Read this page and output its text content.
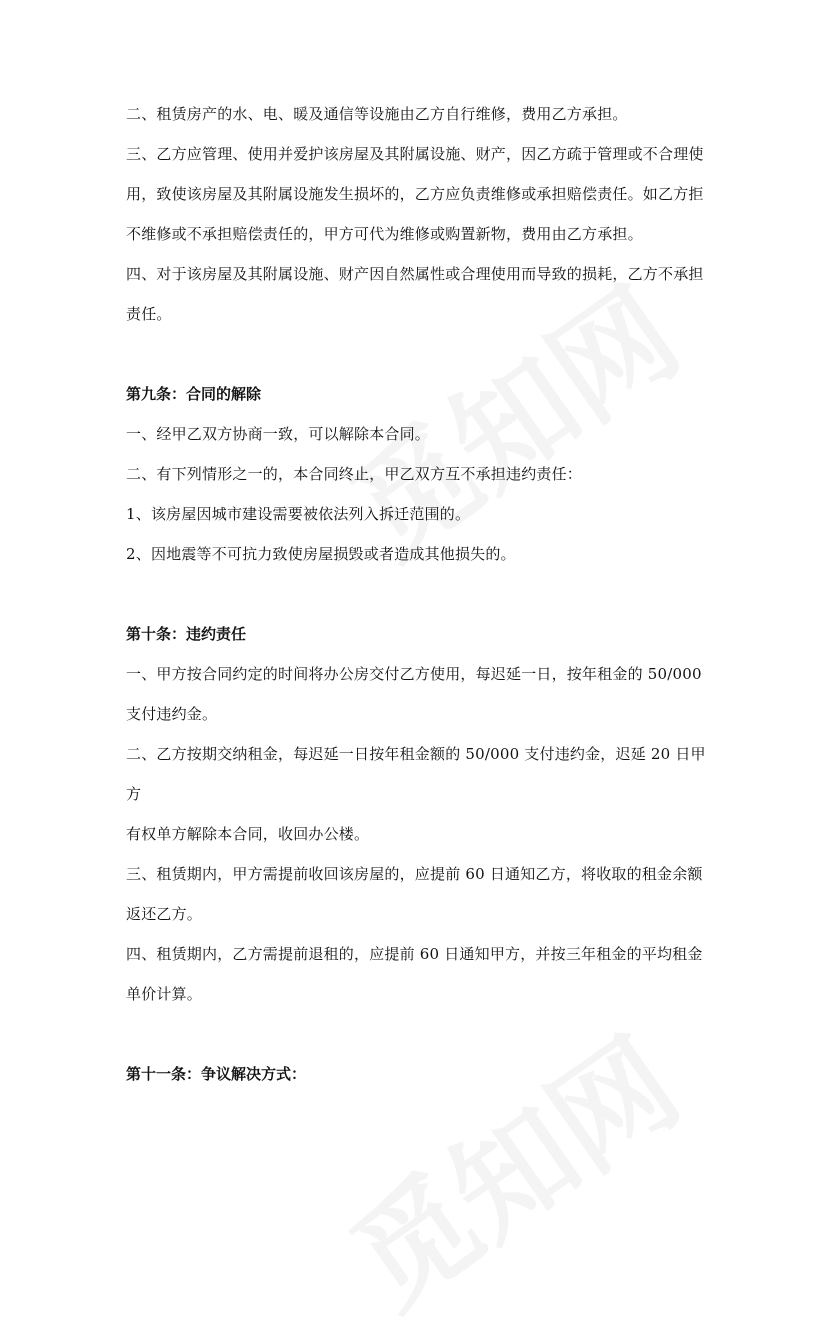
二、租赁房产的水、电、暖及通信等设施由乙方自行维修，费用乙方承担。

三、乙方应管理、使用并爱护该房屋及其附属设施、财产，因乙方疏于管理或不合理使

用，致使该房屋及其附属设施发生损坏的，乙方应负责维修或承担赔偿责任。如乙方拒

不维修或不承担赔偿责任的，甲方可代为维修或购置新物，费用由乙方承担。

四、对于该房屋及其附属设施、财产因自然属性或合理使用而导致的损耗，乙方不承担

责任。

第九条：合同的解除

一、经甲乙双方协商一致，可以解除本合同。

二、有下列情形之一的，本合同终止，甲乙双方互不承担违约责任：

1、该房屋因城市建设需要被依法列入拆迁范围的。

2、因地震等不可抗力致使房屋损毁或者造成其他损失的。

第十条：违约责任

一、甲方按合同约定的时间将办公房交付乙方使用，每迟延一日，按年租金的 50/000

支付违约金。

二、乙方按期交纳租金，每迟延一日按年租金额的 50/000 支付违约金，迟延 20 日甲方

有权单方解除本合同，收回办公楼。

三、租赁期内，甲方需提前收回该房屋的，应提前 60 日通知乙方，将收取的租金余额

返还乙方。

四、租赁期内，乙方需提前退租的，应提前 60 日通知甲方，并按三年租金的平均租金

单价计算。

第十一条：争议解决方式：
